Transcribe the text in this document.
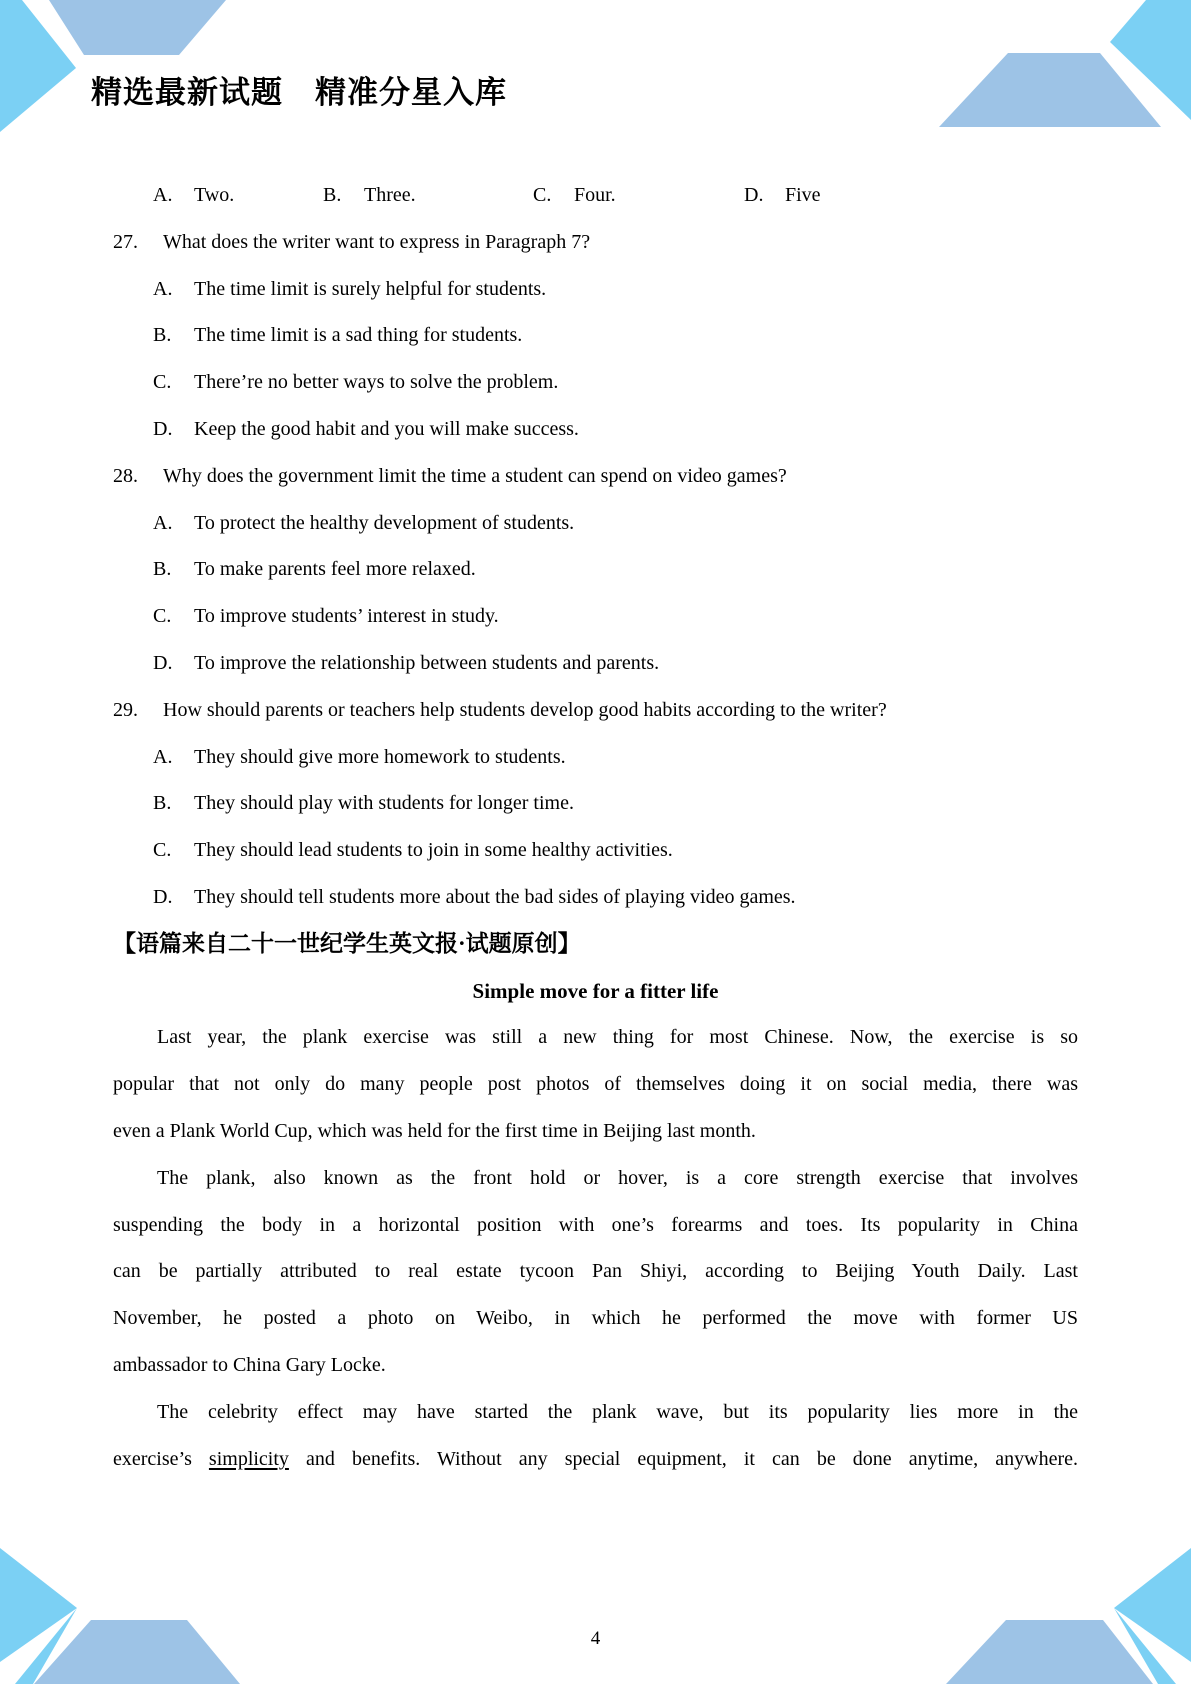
精选最新试题　精准分星入库
A. Two.	B. Three.	C. Four.	D. Five
27. What does the writer want to express in Paragraph 7?
A. The time limit is surely helpful for students.
B. The time limit is a sad thing for students.
C. There’re no better ways to solve the problem.
D. Keep the good habit and you will make success.
28. Why does the government limit the time a student can spend on video games?
A. To protect the healthy development of students.
B. To make parents feel more relaxed.
C. To improve students’ interest in study.
D. To improve the relationship between students and parents.
29. How should parents or teachers help students develop good habits according to the writer?
A. They should give more homework to students.
B. They should play with students for longer time.
C. They should lead students to join in some healthy activities.
D. They should tell students more about the bad sides of playing video games.
【语篇来自二十一世纪学生英文报·试题原创】
Simple move for a fitter life
Last year, the plank exercise was still a new thing for most Chinese. Now, the exercise is so
popular that not only do many people post photos of themselves doing it on social media, there was
even a Plank World Cup, which was held for the first time in Beijing last month.
The plank, also known as the front hold or hover, is a core strength exercise that involves
suspending the body in a horizontal position with one’s forearms and toes. Its popularity in China
can be partially attributed to real estate tycoon Pan Shiyi, according to Beijing Youth Daily. Last
November, he posted a photo on Weibo, in which he performed the move with former US
ambassador to China Gary Locke.
The celebrity effect may have started the plank wave, but its popularity lies more in the
exercise’s simplicity and benefits. Without any special equipment, it can be done anytime, anywhere.
4
